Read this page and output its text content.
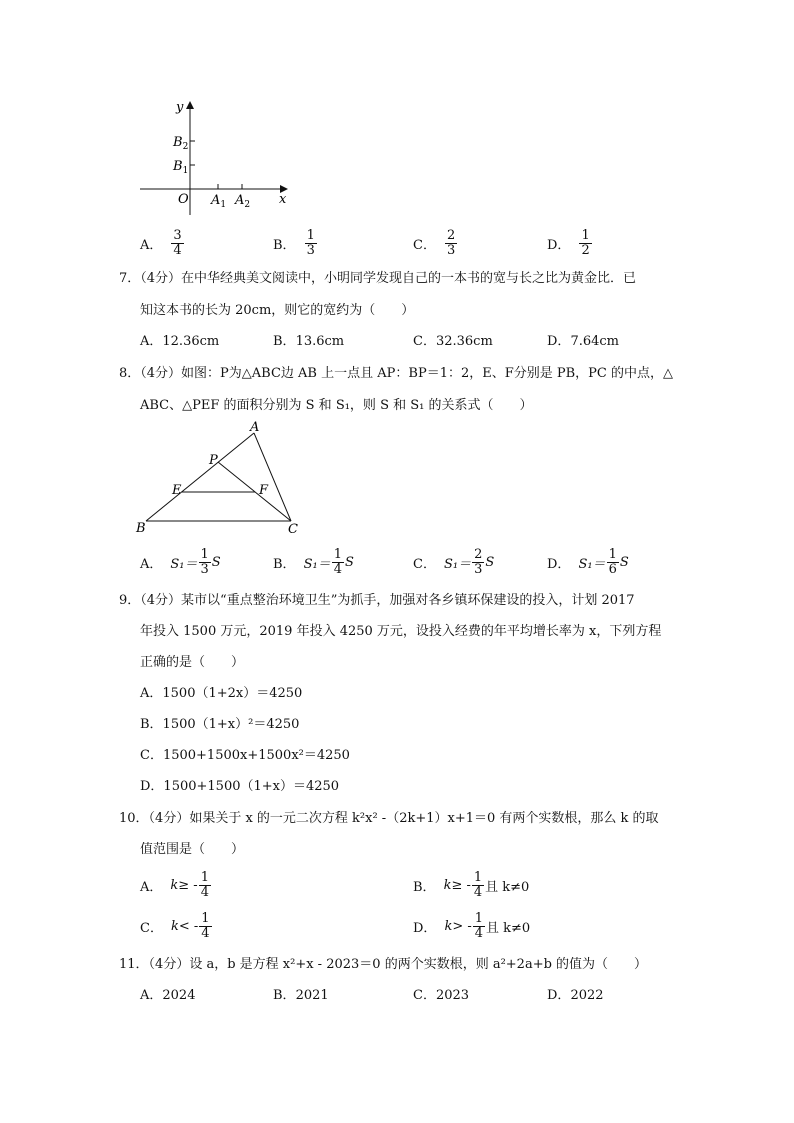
y
x
O
$B_2$
$B_1$
$A_1$ $A_2$
A． $\frac{3}{4}$	B． $\frac{1}{3}$	C． $\frac{2}{3}$	D． $\frac{1}{2}$
7．（4分）在中华经典美文阅读中，小明同学发现自己的一本书的宽与长之比为黄金比．已
知这本书的长为 20cm，则它的宽约为（　　）
A．12.36cm	B．13.6cm	C．32.36cm	D．7.64cm
8．（4分）如图：P为△ABC边 AB 上一点且 AP：BP＝1：2，E、F分别是 PB，PC 的中点，△
ABC、△PEF 的面积分别为 S 和 S₁，则 S 和 S₁ 的关系式（　　）
A
B	C
P
E	F
A． $S_1= \frac{1}{3}$ S	B． $S_1= \frac{1}{4}$ S	C． $S_1= \frac{2}{3}$ S	D． $S_1= \frac{1}{6}$ S
9．（4分）某市以“重点整治环境卫生”为抓手，加强对各乡镇环保建设的投入，计划 2017
年投入 1500 万元，2019 年投入 4250 万元，设投入经费的年平均增长率为 x，下列方程
正确的是（　　）
A．1500（1+2x）＝4250
B．1500（1+x）²＝4250
C．1500+1500x+1500x²＝4250
D．1500+1500（1+x）＝4250
10．（4分）如果关于 x 的一元二次方程 k²x² -（2k+1）x+1＝0 有两个实数根，那么 k 的取
值范围是（　　）
A． $k\ge - \frac{1}{4}$	B． $k\ge - \frac{1}{4}$ 且 k≠0
C． $k< - \frac{1}{4}$	D． $k> - \frac{1}{4}$ 且 k≠0
11．（4分）设 a，b 是方程 x²+x - 2023＝0 的两个实数根，则 a²+2a+b 的值为（　　）
A．2024	B．2021	C．2023	D．2022
